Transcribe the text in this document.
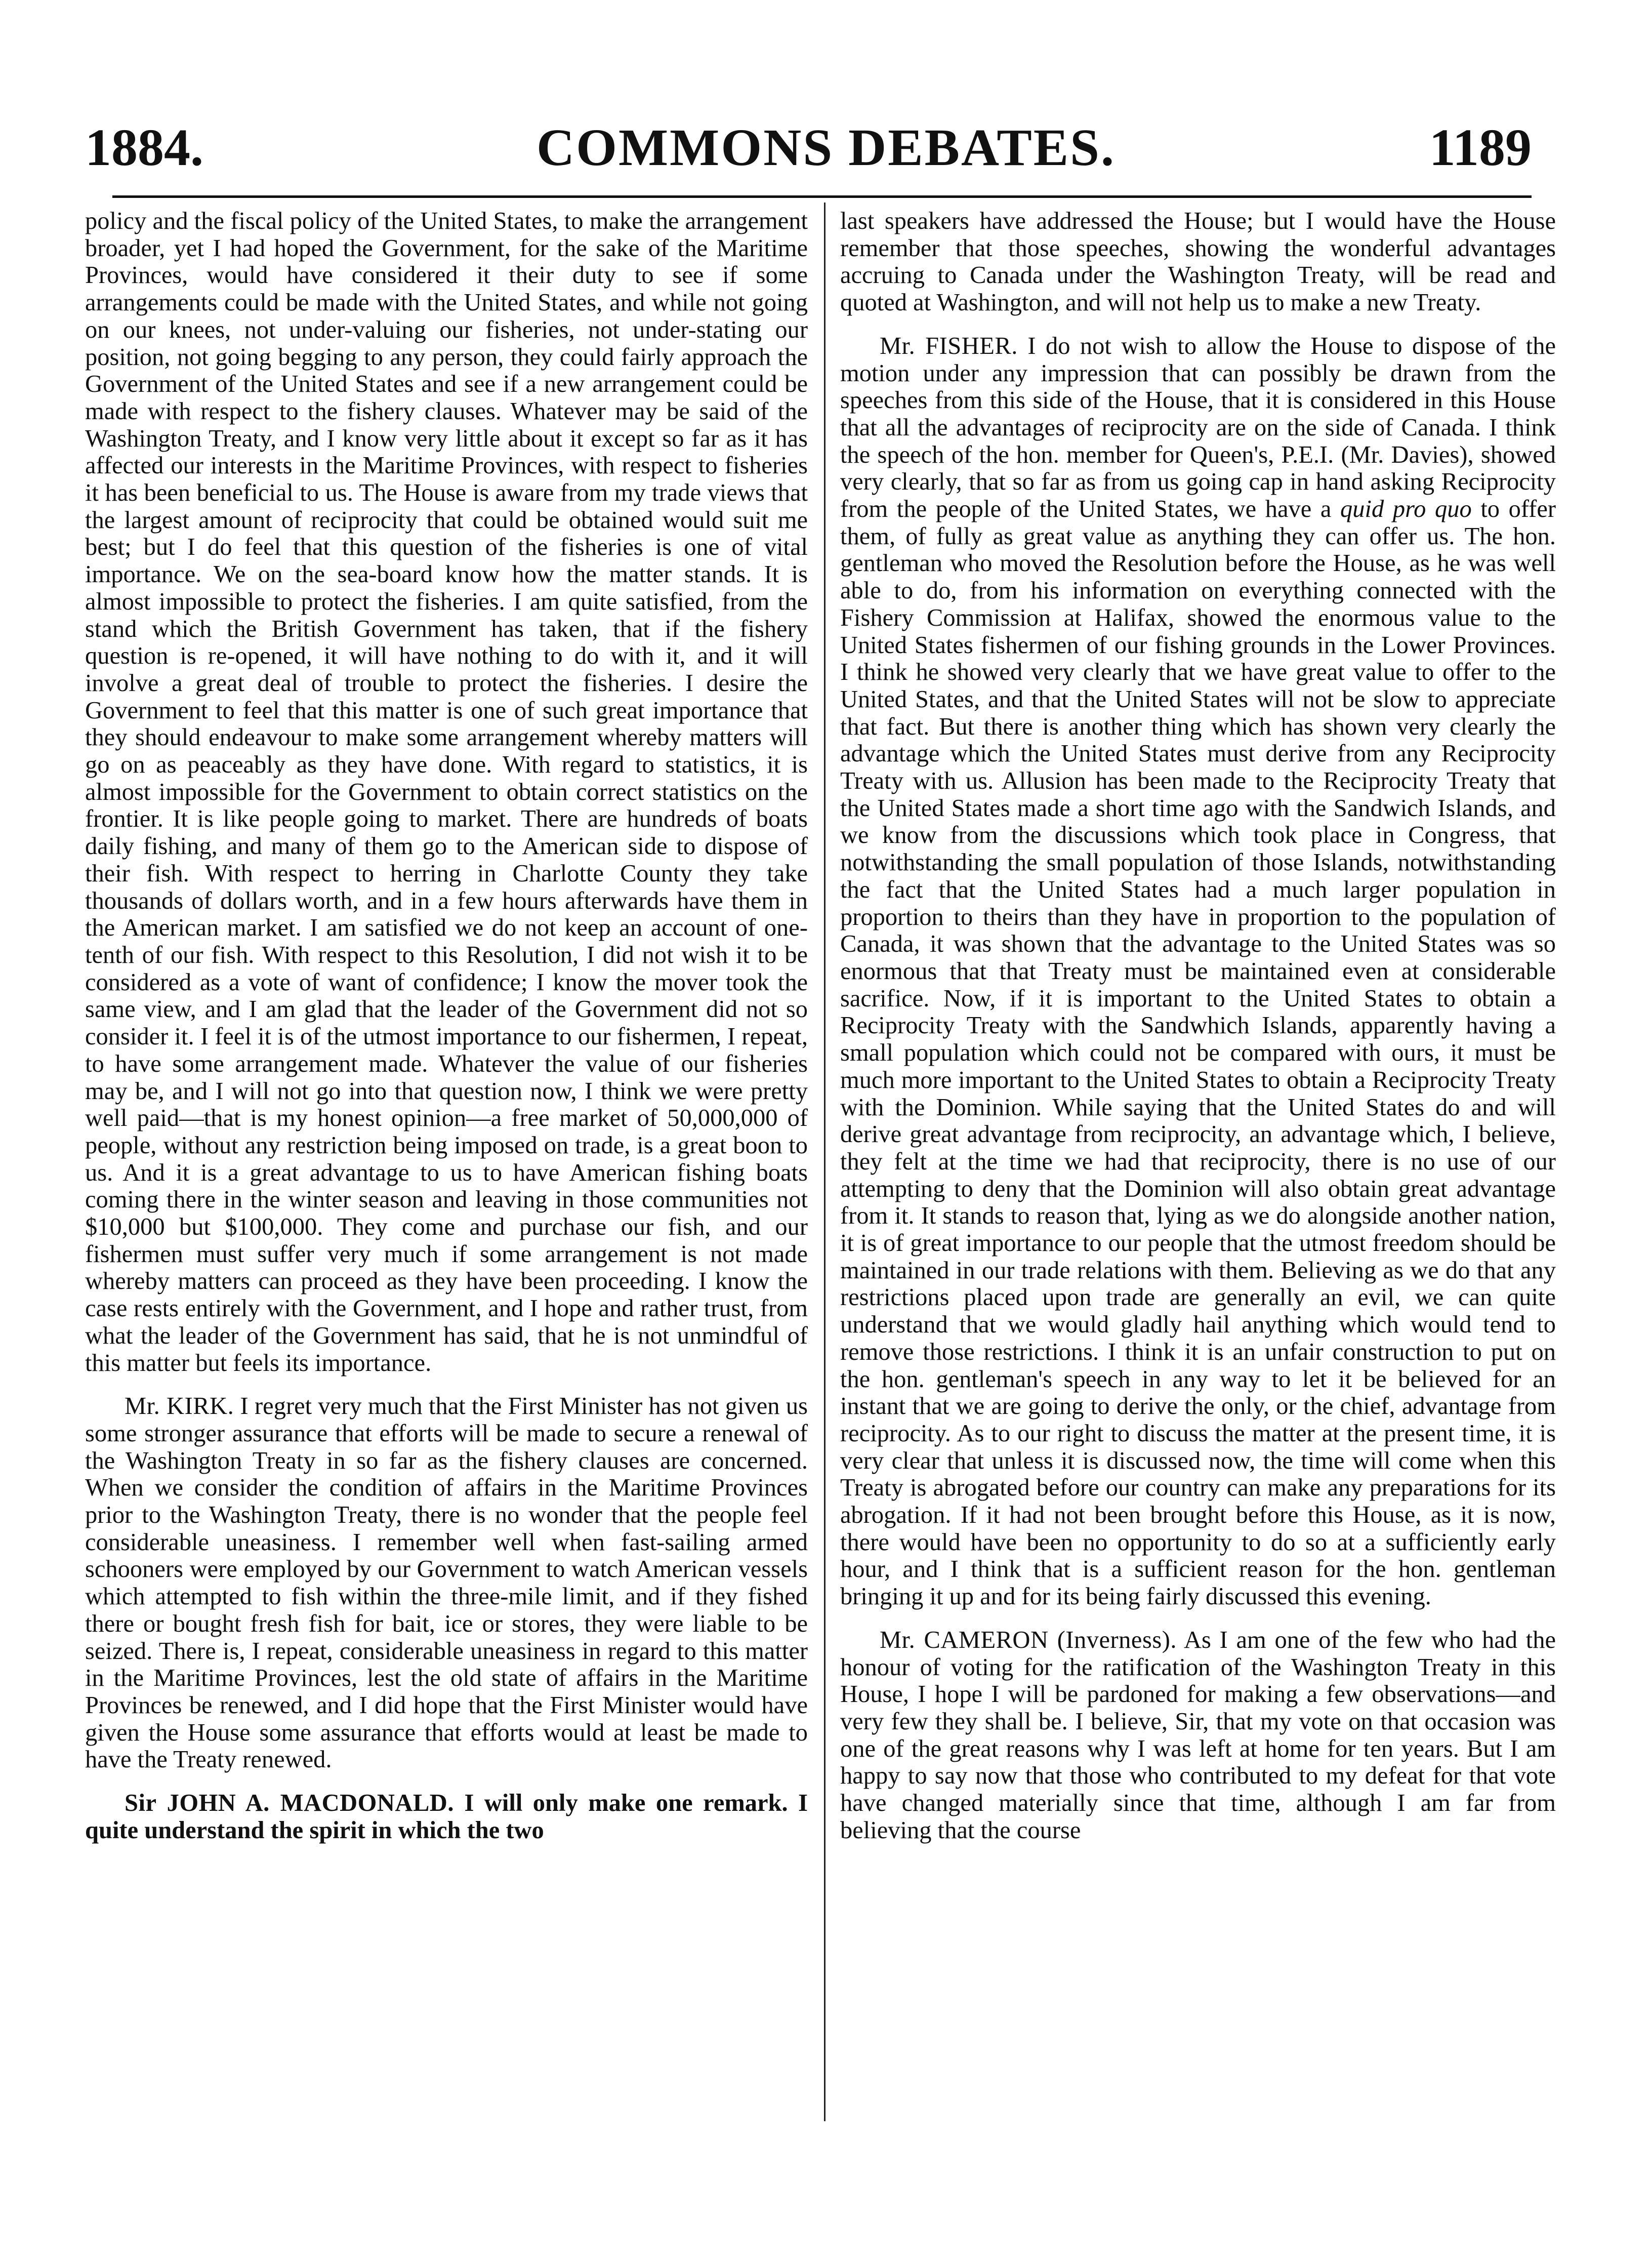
1884.	COMMONS DEBATES.	1189

policy and the fiscal policy of the United States, to make the arrangement broader, yet I had hoped the Government, for the sake of the Maritime Provinces, would have considered it their duty to see if some arrangements could be made with the United States, and while not going on our knees, not under-valuing our fisheries, not under-stating our position, not going begging to any person, they could fairly approach the Government of the United States and see if a new arrangement could be made with respect to the fishery clauses. Whatever may be said of the Washington Treaty, and I know very little about it except so far as it has affected our interests in the Maritime Provinces, with respect to fisheries it has been beneficial to us. The House is aware from my trade views that the largest amount of reciprocity that could be obtained would suit me best; but I do feel that this question of the fisheries is one of vital importance. We on the sea-board know how the matter stands. It is almost impossible to protect the fisheries. I am quite satisfied, from the stand which the British Government has taken, that if the fishery question is re-opened, it will have nothing to do with it, and it will involve a great deal of trouble to protect the fisheries. I desire the Government to feel that this matter is one of such great importance that they should endeavour to make some arrangement whereby matters will go on as peaceably as they have done. With regard to statistics, it is almost impossible for the Government to obtain correct statistics on the frontier. It is like people going to market. There are hundreds of boats daily fishing, and many of them go to the American side to dispose of their fish. With respect to herring in Charlotte County they take thousands of dollars worth, and in a few hours afterwards have them in the American market. I am satisfied we do not keep an account of one-tenth of our fish. With respect to this Resolution, I did not wish it to be considered as a vote of want of confidence; I know the mover took the same view, and I am glad that the leader of the Government did not so consider it. I feel it is of the utmost importance to our fishermen, I repeat, to have some arrangement made. Whatever the value of our fisheries may be, and I will not go into that question now, I think we were pretty well paid—that is my honest opinion—a free market of 50,000,000 of people, without any restriction being imposed on trade, is a great boon to us. And it is a great advantage to us to have American fishing boats coming there in the winter season and leaving in those communities not $10,000 but $100,000. They come and purchase our fish, and our fishermen must suffer very much if some arrangement is not made whereby matters can proceed as they have been proceeding. I know the case rests entirely with the Government, and I hope and rather trust, from what the leader of the Government has said, that he is not unmindful of this matter but feels its importance.

Mr. KIRK. I regret very much that the First Minister has not given us some stronger assurance that efforts will be made to secure a renewal of the Washington Treaty in so far as the fishery clauses are concerned. When we consider the condition of affairs in the Maritime Provinces prior to the Washington Treaty, there is no wonder that the people feel considerable uneasiness. I remember well when fast-sailing armed schooners were employed by our Government to watch American vessels which attempted to fish within the three-mile limit, and if they fished there or bought fresh fish for bait, ice or stores, they were liable to be seized. There is, I repeat, considerable uneasiness in regard to this matter in the Maritime Provinces, lest the old state of affairs in the Maritime Provinces be renewed, and I did hope that the First Minister would have given the House some assurance that efforts would at least be made to have the Treaty renewed.

Sir JOHN A. MACDONALD. I will only make one remark. I quite understand the spirit in which the two

last speakers have addressed the House; but I would have the House remember that those speeches, showing the wonderful advantages accruing to Canada under the Washington Treaty, will be read and quoted at Washington, and will not help us to make a new Treaty.

Mr. FISHER. I do not wish to allow the House to dispose of the motion under any impression that can possibly be drawn from the speeches from this side of the House, that it is considered in this House that all the advantages of reciprocity are on the side of Canada. I think the speech of the hon. member for Queen's, P.E.I. (Mr. Davies), showed very clearly, that so far as from us going cap in hand asking Reciprocity from the people of the United States, we have a quid pro quo to offer them, of fully as great value as anything they can offer us. The hon. gentleman who moved the Resolution before the House, as he was well able to do, from his information on everything connected with the Fishery Commission at Halifax, showed the enormous value to the United States fishermen of our fishing grounds in the Lower Provinces. I think he showed very clearly that we have great value to offer to the United States, and that the United States will not be slow to appreciate that fact. But there is another thing which has shown very clearly the advantage which the United States must derive from any Reciprocity Treaty with us. Allusion has been made to the Reciprocity Treaty that the United States made a short time ago with the Sandwich Islands, and we know from the discussions which took place in Congress, that notwithstanding the small population of those Islands, notwithstanding the fact that the United States had a much larger population in proportion to theirs than they have in proportion to the population of Canada, it was shown that the advantage to the United States was so enormous that that Treaty must be maintained even at considerable sacrifice. Now, if it is important to the United States to obtain a Reciprocity Treaty with the Sandwhich Islands, apparently having a small population which could not be compared with ours, it must be much more important to the United States to obtain a Reciprocity Treaty with the Dominion. While saying that the United States do and will derive great advantage from reciprocity, an advantage which, I believe, they felt at the time we had that reciprocity, there is no use of our attempting to deny that the Dominion will also obtain great advantage from it. It stands to reason that, lying as we do alongside another nation, it is of great importance to our people that the utmost freedom should be maintained in our trade relations with them. Believing as we do that any restrictions placed upon trade are generally an evil, we can quite understand that we would gladly hail anything which would tend to remove those restrictions. I think it is an unfair construction to put on the hon. gentleman's speech in any way to let it be believed for an instant that we are going to derive the only, or the chief, advantage from reciprocity. As to our right to discuss the matter at the present time, it is very clear that unless it is discussed now, the time will come when this Treaty is abrogated before our country can make any preparations for its abrogation. If it had not been brought before this House, as it is now, there would have been no opportunity to do so at a sufficiently early hour, and I think that is a sufficient reason for the hon. gentleman bringing it up and for its being fairly discussed this evening.

Mr. CAMERON (Inverness). As I am one of the few who had the honour of voting for the ratification of the Washington Treaty in this House, I hope I will be pardoned for making a few observations—and very few they shall be. I believe, Sir, that my vote on that occasion was one of the great reasons why I was left at home for ten years. But I am happy to say now that those who contributed to my defeat for that vote have changed materially since that time, although I am far from believing that the course
